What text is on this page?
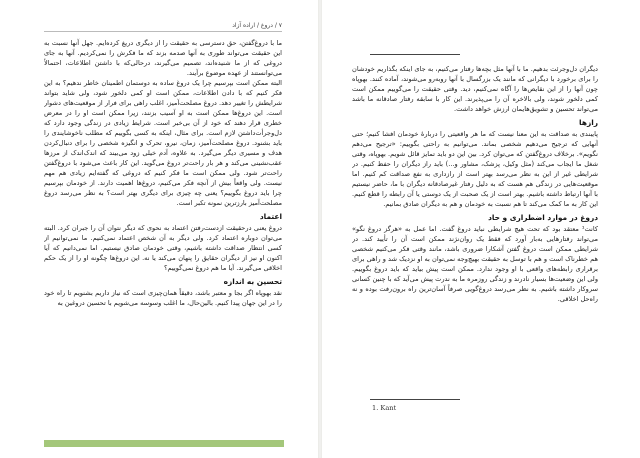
۷ / دروغ / اراده آزاد

ما با دروغ‌گفتن، حق دسترسی به حقیقت را از دیگری دریغ کرده‌ایم. جهل آنها نسبت به این حقیقت می‌تواند طوری به آنها صدمه بزند که ما فکرش را نمی‌کردیم. آنها به جای دروغی که از ما شنیده‌اند، تصمیم می‌گیرند، درحالی‌که با داشتن اطلاعات، احتمالاً می‌توانستند از عهده موضوع برآیند.

البته ممکن است بپرسیم چرا یک دروغ ساده به دوستمان اطمینان خاطر ندهیم؟ به این فکر کنیم که با دادن اطلاعات، ممکن است او کمی دلخور شود، ولی شاید بتواند شرایطش را تغییر دهد. دروغ مصلحت‌آمیز، اغلب راهی برای فرار از موقعیت‌های دشوار است. این دروغ‌ها ممکن است به او آسیب بزنند، زیرا ممکن است او را در معرض خطری قرار دهند که خود از آن بی‌خبر است. شرایط زیادی در زندگی وجود دارد که دل‌وجرأت‌داشتن لازم است. برای مثال، اینکه به کسی بگوییم که مطلب ناخوشایندی را باید بشنود. دروغ مصلحت‌آمیز، زمان، نیرو، تحرک و انگیزه شخصی را برای دنبال‌کردن هدف و مسیری دیگر می‌گیرد. به علاوه، آدم خیلی زود می‌بیند که اندک‌اندک از مرزها عقب‌نشینی می‌کند و هر بار راحت‌تر دروغ می‌گوید. این کار باعث می‌شود با دروغ‌گفتن راحت‌تر شود. ولی ممکن است ما فکر کنیم که دروغی که گفته‌ایم زیادی هم مهم نیست. ولی واقعاً بیش از آنچه فکر می‌کنیم، دروغ‌ها اهمیت دارند. از خودمان بپرسیم چرا باید دروغ بگوییم؟ یعنی چه چیزی برای دیگری بهتر است؟ به نظر می‌رسد دروغ مصلحت‌آمیز بارزترین نمونه تکبر است.

اعتماد

دروغ یعنی درحقیقت ازدست‌رفتن اعتماد به نحوی که دیگر نتوان آن را جبران کرد. البته می‌توان دوباره اعتماد کرد. ولی دیگر به آن شخص اعتماد نمی‌کنیم. ما نمی‌توانیم از کسی انتظار صداقت داشته باشیم، وقتی خودمان صادق نیستیم. اما نمی‌دانیم که آیا اکنون او نیز از دیگران حقایق را پنهان می‌کند یا نه. این دروغ‌ها چگونه او را از یک حکم اخلاقی می‌گیرند. آیا ما هم دروغ نمی‌گوییم؟

تحسین به اندازه

نقد بهوپاه اگر بجا و معتبر باشد، دقیقاً همان‌چیزی است که نیاز داریم بشنویم تا راه خود را در این جهان پیدا کنیم. بالین‌حال، ما اغلب وسوسه می‌شویم با تحسین دروغین به

دیگران دل‌وجرئت بدهیم. ما با آنها مثل بچه‌ها رفتار می‌کنیم، به جای اینکه بگذاریم خودشان را برای برخورد با دیگرانی که مانند یک بزرگسال با آنها روبه‌رو می‌شوند، آماده کنند. بهوپاه چون آنها را از این نقایص‌ها را آگاه نمی‌کنیم، دید. وقتی حقیقت را می‌گوییم ممکن است کمی دلخور شوند، ولی بالاخره آن را می‌پذیرند. این کار با سابقه رفتار صادقانه ما باشد می‌تواند تحسین و تشویق‌هایمان ارزش خواهد داشت.

رازها

پایبندی به صداقت به این معنا نیست که ما هر واقعیتی را دربارهٔ خودمان افشا کنیم؛ حتی آنهایی که ترجیح می‌دهیم شخصی بماند. می‌توانیم به راحتی بگوییم: «ترجیح می‌دهم نگویم». برخلاف دروغ‌گفتن که می‌توان کرد. بین این دو باید تمایز قائل شویم. بهوپاه، وقتی شغل ما ایجاب می‌کند (مثل وکیل، پزشک، مشاور و...) باید راز دیگران را حفظ کنیم. در شرایطی غیر از این به نظر می‌رسد بهتر است از رازداری به نفع صداقت کم کنیم. اما موقعیت‌هایی در زندگی هم هست که به دلیل رفتار غیرصادقانه دیگران با ما، حاضر نیستیم با آنها ارتباط داشته باشیم. بهتر است از یک صحبت از یک دوستی یا آن رابطه را قطع کنیم. این کار به ما کمک می‌کند تا هم نسبت به خودمان و هم به دیگران صادق بمانیم.

دروغ در موارد اضطراری و حاد

کانت¹ معتقد بود که تحت هیچ شرایطی نباید دروغ گفت. اما عمل به «هرگز دروغ نگو» می‌تواند رفتارهایی به‌بار آورد که فقط یک روان‌نژند ممکن است آن را تأیید کند. در شرایطی ممکن است دروغ گفتن آشکارا ضروری باشد، مانند وقتی فکر می‌کنیم شخصی هم خطرناک است و هم با توسل به حقیقت بهیچ‌وجه نمی‌توان به او نزدیک شد و راهی برای برقراری رابطه‌های واقعی با او وجود ندارد. ممکن است پیش بیاید که باید دروغ بگوییم. ولی این وضعیت‌ها بسیار نادرند و زندگی روزمره ما به ندرت پیش می‌آید که با چنین کسانی سروکار داشته باشیم. به نظر می‌رسد دروغ‌گویی صرفاً آسان‌ترین راه برون‌رفت بوده و نه راه‌حل اخلاقی.

1. Kant
